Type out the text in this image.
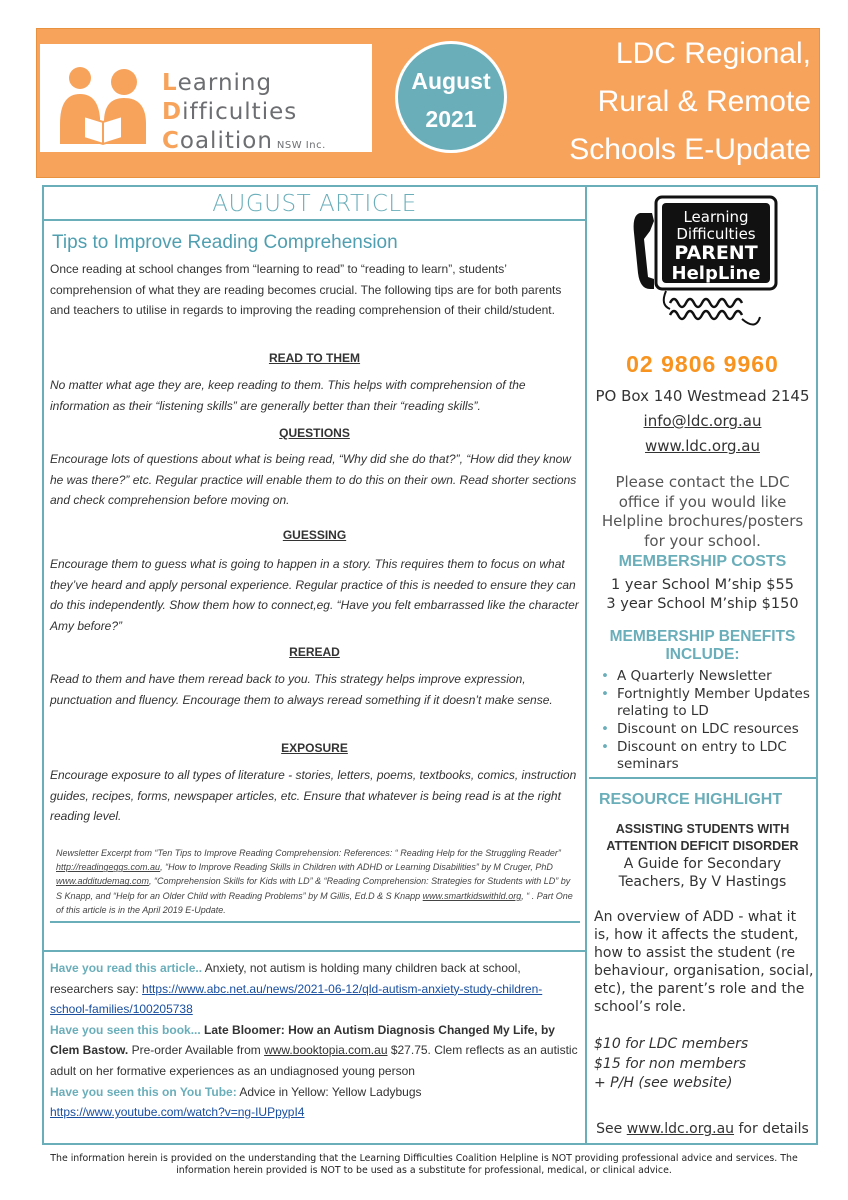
Learning
Difficulties
Coalition NSW Inc.
August
2021
LDC Regional,
Rural & Remote
Schools E-Update
AUGUST ARTICLE
Tips to Improve Reading Comprehension
Once reading at school changes from “learning to read” to “reading to learn”, students’ comprehension of what they are reading becomes crucial. The following tips are for both parents and teachers to utilise in regards to improving the reading comprehension of their child/student.
READ TO THEM
No matter what age they are, keep reading to them. This helps with comprehension of the information as their “listening skills” are generally better than their “reading skills”.
QUESTIONS
Encourage lots of questions about what is being read, “Why did she do that?”, “How did they know he was there?” etc. Regular practice will enable them to do this on their own. Read shorter sections and check comprehension before moving on.
GUESSING
Encourage them to guess what is going to happen in a story. This requires them to focus on what they’ve heard and apply personal experience. Regular practice of this is needed to ensure they can do this independently. Show them how to connect,eg. “Have you felt embarrassed like the character Amy before?”
REREAD
Read to them and have them reread back to you. This strategy helps improve expression, punctuation and fluency. Encourage them to always reread something if it doesn’t make sense.
EXPOSURE
Encourage exposure to all types of literature - stories, letters, poems, textbooks, comics, instruction guides, recipes, forms, newspaper articles, etc. Ensure that whatever is being read is at the right reading level.
Newsletter Excerpt from “Ten Tips to Improve Reading Comprehension: References: “ Reading Help for the Struggling Reader” http://readingeggs.com.au, “How to Improve Reading Skills in Children with ADHD or Learning Disabilities” by M Cruger, PhD www.additudemag.com, “Comprehension Skills for Kids with LD” & “Reading Comprehension: Strategies for Students with LD” by S Knapp, and “Help for an Older Child with Reading Problems” by M Gillis, Ed.D & S Knapp www.smartkidswithld.org, “ . Part One of this article is in the April 2019 E-Update.

Have you read this article.. Anxiety, not autism is holding many children back at school, researchers say: https://www.abc.net.au/news/2021-06-12/qld-autism-anxiety-study-children-school-families/100205738

Have you seen this book... Late Bloomer: How an Autism Diagnosis Changed My Life, by Clem Bastow. Pre-order Available from www.booktopia.com.au $27.75. Clem reflects as an autistic adult on her formative experiences as an undiagnosed young person

Have you seen this on You Tube: Advice in Yellow: Yellow Ladybugs

https://www.youtube.com/watch?v=ng-IUPpypI4

Learning
Difficulties
PARENT
HelpLine
02 9806 9960
PO Box 140 Westmead 2145
info@ldc.org.au
www.ldc.org.au
Please contact the LDC office if you would like Helpline brochures/posters for your school.
MEMBERSHIP COSTS
1 year School M’ship $55
3 year School M’ship $150
MEMBERSHIP BENEFITS INCLUDE:
• A Quarterly Newsletter
• Fortnightly Member Updates relating to LD
• Discount on LDC resources
• Discount on entry to LDC seminars
RESOURCE HIGHLIGHT
ASSISTING STUDENTS WITH ATTENTION DEFICIT DISORDER
A Guide for Secondary Teachers, By V Hastings
An overview of ADD - what it is, how it affects the student, how to assist the student (re behaviour, organisation, social, etc), the parent’s role and the school’s role.
$10 for LDC members
$15 for non members
+ P/H (see website)
See www.ldc.org.au for details
The information herein is provided on the understanding that the Learning Difficulties Coalition Helpline is NOT providing professional advice and services. The
information herein provided is NOT to be used as a substitute for professional, medical, or clinical advice.
